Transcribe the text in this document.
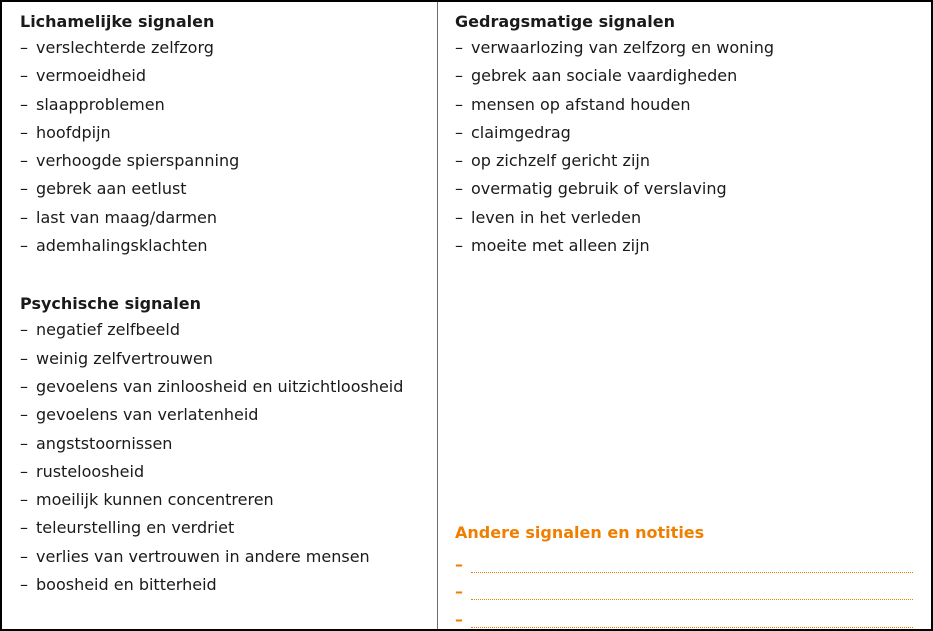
Lichamelijke signalen
– verslechterde zelfzorg
– vermoeidheid
– slaapproblemen
– hoofdpijn
– verhoogde spierspanning
– gebrek aan eetlust
– last van maag/darmen
– ademhalingsklachten
Psychische signalen
– negatief zelfbeeld
– weinig zelfvertrouwen
– gevoelens van zinloosheid en uitzichtloosheid
– gevoelens van verlatenheid
– angststoornissen
– rusteloosheid
– moeilijk kunnen concentreren
– teleurstelling en verdriet
– verlies van vertrouwen in andere mensen
– boosheid en bitterheid
Gedragsmatige signalen
– verwaarlozing van zelfzorg en woning
– gebrek aan sociale vaardigheden
– mensen op afstand houden
– claimgedrag
– op zichzelf gericht zijn
– overmatig gebruik of verslaving
– leven in het verleden
– moeite met alleen zijn
Andere signalen en notities
–
–
–
